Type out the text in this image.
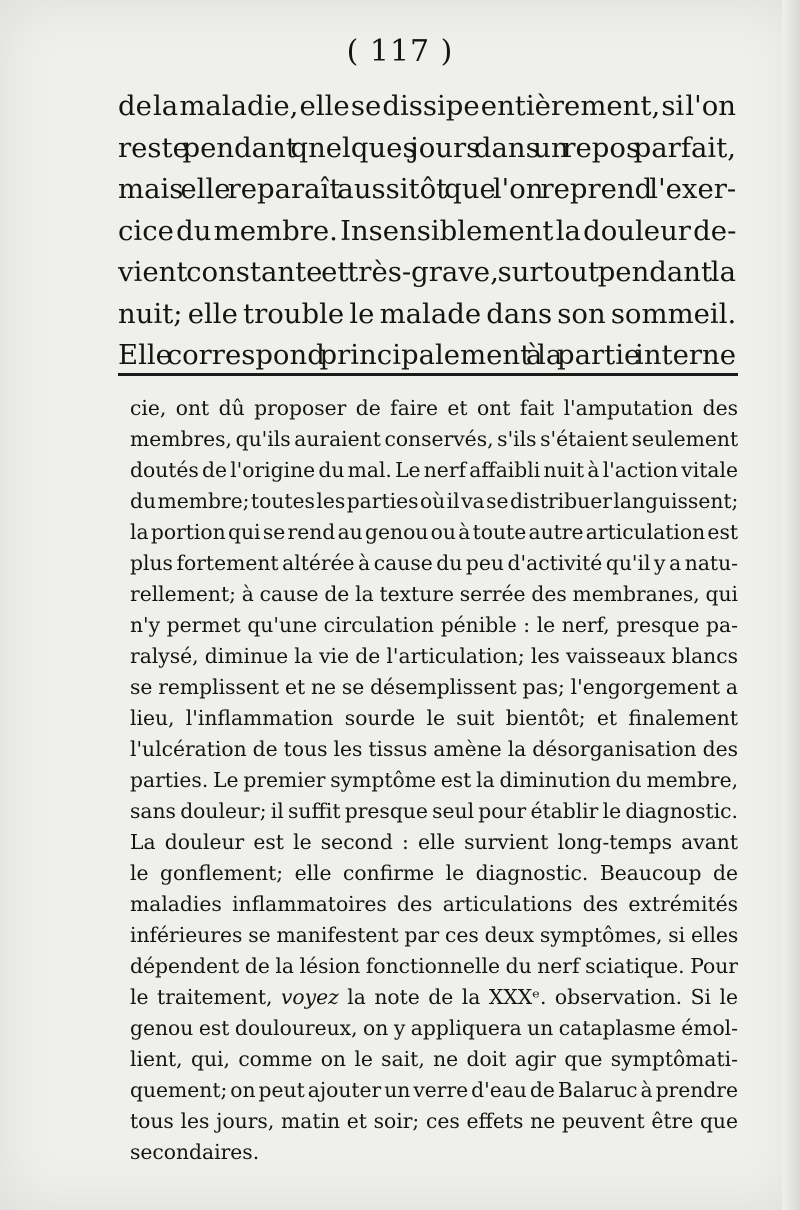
( 117 )

de la maladie, elle se dissipe entièrement, si l'on
reste pendant qnelques jours dans un repos parfait,
mais elle reparaît aussitôt que l'on reprend l'exer-
cice du membre. Insensiblement la douleur de-
vient constante et très-grave, surtout pendant la
nuit; elle trouble le malade dans son sommeil.
Elle correspond principalement à la partie interne

cie, ont dû proposer de faire et ont fait l'amputation des
membres, qu'ils auraient conservés, s'ils s'étaient seulement
doutés de l'origine du mal. Le nerf affaibli nuit à l'action vitale
du membre; toutes les parties où il va se distribuer languissent;
la portion qui se rend au genou ou à toute autre articulation est
plus fortement altérée à cause du peu d'activité qu'il y a natu-
rellement; à cause de la texture serrée des membranes, qui
n'y permet qu'une circulation pénible : le nerf, presque pa-
ralysé, diminue la vie de l'articulation; les vaisseaux blancs
se remplissent et ne se désemplissent pas; l'engorgement a
lieu, l'inflammation sourde le suit bientôt; et finalement
l'ulcération de tous les tissus amène la désorganisation des
parties. Le premier symptôme est la diminution du membre,
sans douleur; il suffit presque seul pour établir le diagnostic.
La douleur est le second : elle survient long-temps avant
le gonflement; elle confirme le diagnostic. Beaucoup de
maladies inflammatoires des articulations des extrémités
inférieures se manifestent par ces deux symptômes, si elles
dépendent de la lésion fonctionnelle du nerf sciatique. Pour
le traitement, voyez la note de la XXXᵉ. observation. Si le
genou est douloureux, on y appliquera un cataplasme émol-
lient, qui, comme on le sait, ne doit agir que symptômati-
quement; on peut ajouter un verre d'eau de Balaruc à prendre
tous les jours, matin et soir; ces effets ne peuvent être que
secondaires.
